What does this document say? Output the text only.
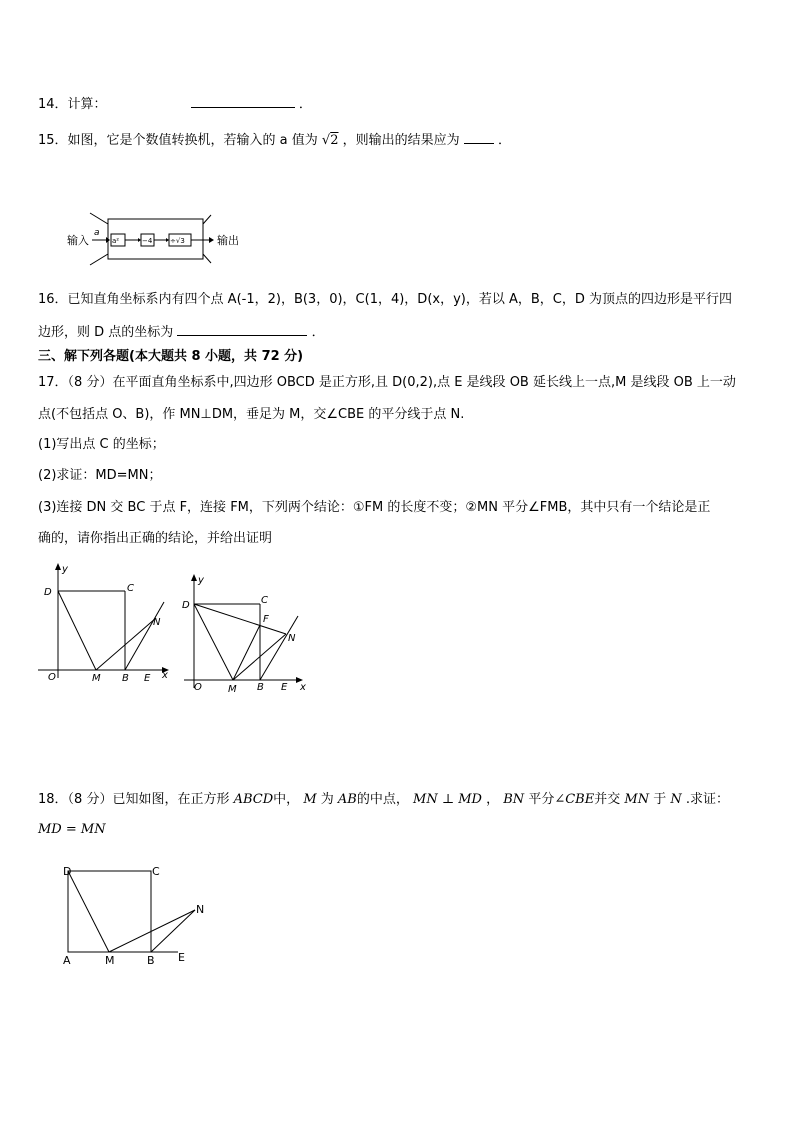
14．计算：	．
15．如图，它是个数值转换机，若输入的 a 值为 √2 ，则输出的结果应为	．
输入
a
a²	−4	÷√3	输出
16．已知直角坐标系内有四个点 A(-1，2)，B(3，0)，C(1，4)，D(x，y)，若以 A，B，C，D 为顶点的四边形是平行四
边形，则 D 点的坐标为	．
三、解下列各题(本大题共 8 小题，共 72 分)
17．（8 分）在平面直角坐标系中,四边形 OBCD 是正方形,且 D(0,2),点 E 是线段 OB 延长线上一点,M 是线段 OB 上一动
点(不包括点 O、B)，作 MN⊥DM，垂足为 M，交∠CBE 的平分线于点 N.
(1)写出点 C 的坐标；
(2)求证：MD=MN；
(3)连接 DN 交 BC 于点 F，连接 FM，下列两个结论：①FM 的长度不变；②MN 平分∠FMB，其中只有一个结论是正
确的，请你指出正确的结论，并给出证明
y
D	C
N
O	M B E x
y
D	C
F
N
O	M B E x
18．（8 分）已知如图，在正方形 ABCD中， M 为 AB的中点， MN ⊥ MD ， BN 平分∠CBE并交 MN 于 N .求证：
MD = MN
D	C
N
A	M	B E
